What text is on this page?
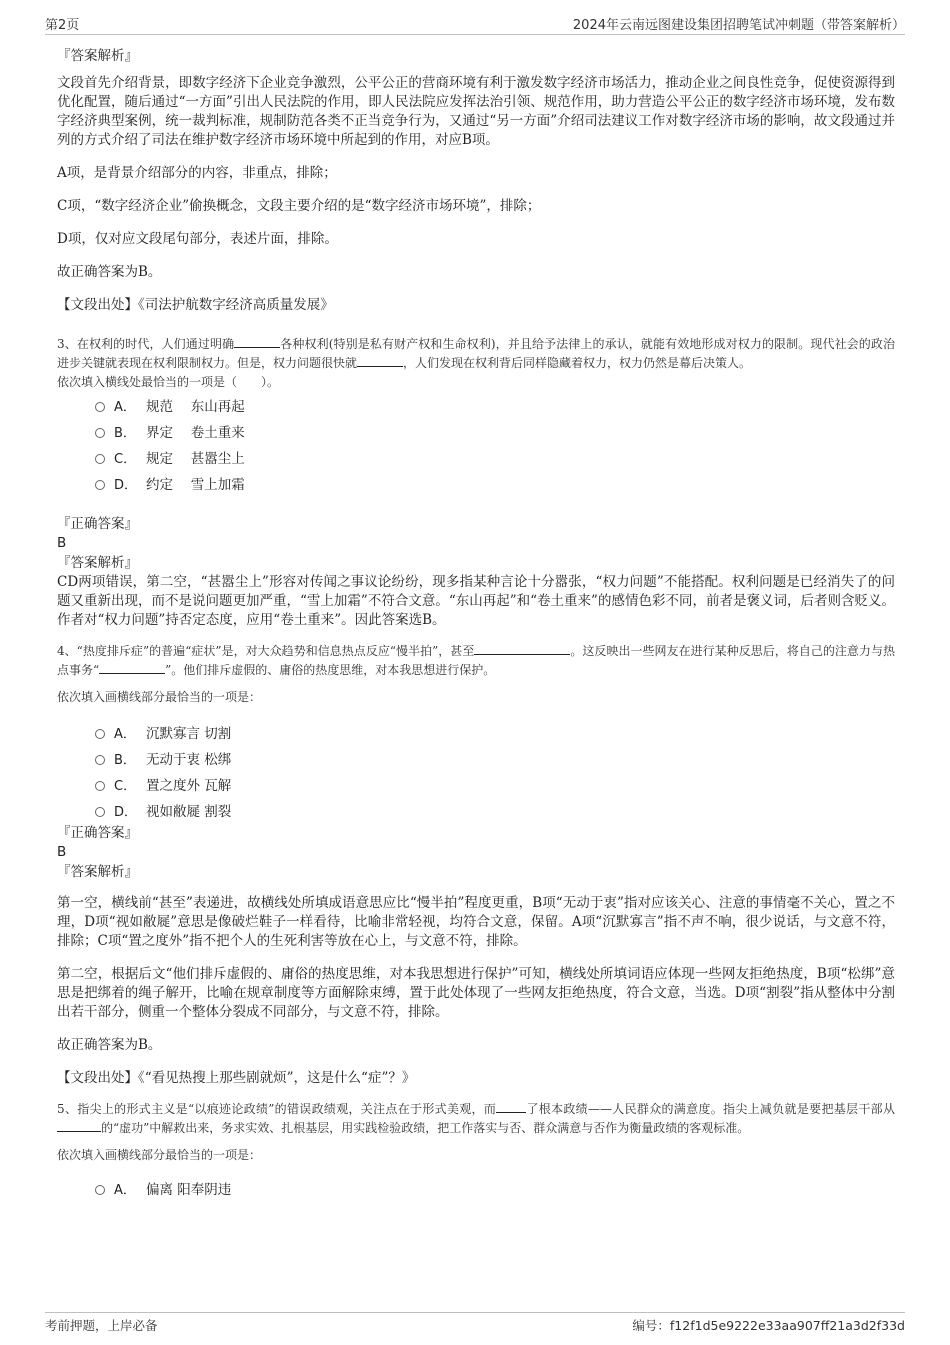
第2页	2024年云南远图建设集团招聘笔试冲刺题（带答案解析）

『答案解析』

文段首先介绍背景，即数字经济下企业竞争激烈，公平公正的营商环境有利于激发数字经济市场活力，推动企业之间良性竞争，促使资源得到优化配置，随后通过“一方面”引出人民法院的作用，即人民法院应发挥法治引领、规范作用，助力营造公平公正的数字经济市场环境，发布数字经济典型案例，统一裁判标准，规制防范各类不正当竞争行为，又通过“另一方面”介绍司法建议工作对数字经济市场的影响，故文段通过并列的方式介绍了司法在维护数字经济市场环境中所起到的作用，对应B项。

A项，是背景介绍部分的内容，非重点，排除；

C项，“数字经济企业”偷换概念，文段主要介绍的是“数字经济市场环境”，排除；

D项，仅对应文段尾句部分，表述片面，排除。

故正确答案为B。

【文段出处】《司法护航数字经济高质量发展》

3、在权利的时代，人们通过明确	各种权利(特别是私有财产权和生命权利)，并且给予法律上的承认，就能有效地形成对权力的限制。现代社会的政治进步关键就表现在权利限制权力。但是，权力问题很快就	，人们发现在权利背后同样隐藏着权力，权力仍然是幕后决策人。

依次填入横线处最恰当的一项是（　　）。

A． 规范　 东山再起
B． 界定　 卷土重来
C． 规定　 甚嚣尘上
D． 约定　 雪上加霜

『正确答案』

B

『答案解析』

CD两项错误，第二空，“甚嚣尘上”形容对传闻之事议论纷纷，现多指某种言论十分嚣张，“权力问题”不能搭配。权利问题是已经消失了的问题又重新出现，而不是说问题更加严重，“雪上加霜”不符合文意。“东山再起”和“卷土重来”的感情色彩不同，前者是褒义词，后者则含贬义。作者对“权力问题”持否定态度，应用“卷土重来”。因此答案选B。

4、“热度排斥症”的普遍“症状”是，对大众趋势和信息热点反应“慢半拍”，甚至	。这反映出一些网友在进行某种反思后，将自己的注意力与热点事务“	”。他们排斥虚假的、庸俗的热度思维，对本我思想进行保护。

依次填入画横线部分最恰当的一项是：

A． 沉默寡言 切割
B． 无动于衷 松绑
C． 置之度外 瓦解
D． 视如敝屣 割裂

『正确答案』

B

『答案解析』

第一空，横线前“甚至”表递进，故横线处所填成语意思应比“慢半拍”程度更重，B项“无动于衷”指对应该关心、注意的事情毫不关心，置之不理，D项“视如敝屣”意思是像破烂鞋子一样看待，比喻非常轻视，均符合文意，保留。A项“沉默寡言”指不声不响，很少说话，与文意不符，排除；C项“置之度外”指不把个人的生死利害等放在心上，与文意不符，排除。

第二空，根据后文“他们排斥虚假的、庸俗的热度思维，对本我思想进行保护”可知，横线处所填词语应体现一些网友拒绝热度，B项“松绑”意思是把绑着的绳子解开，比喻在规章制度等方面解除束缚，置于此处体现了一些网友拒绝热度，符合文意，当选。D项“割裂”指从整体中分割出若干部分，侧重一个整体分裂成不同部分，与文意不符，排除。

故正确答案为B。

【文段出处】《“看见热搜上那些剧就烦”，这是什么“症”？》

5、指尖上的形式主义是“以痕迹论政绩”的错误政绩观，关注点在于形式美观，而	了根本政绩——人民群众的满意度。指尖上减负就是要把基层干部从的“虚功”中解救出来，务求实效、扎根基层，用实践检验政绩，把工作落实与否、群众满意与否作为衡量政绩的客观标准。

依次填入画横线部分最恰当的一项是：

A． 偏离 阳奉阴违
考前押题，上岸必备	编号：f12f1d5e9222e33aa907ff21a3d2f33d
